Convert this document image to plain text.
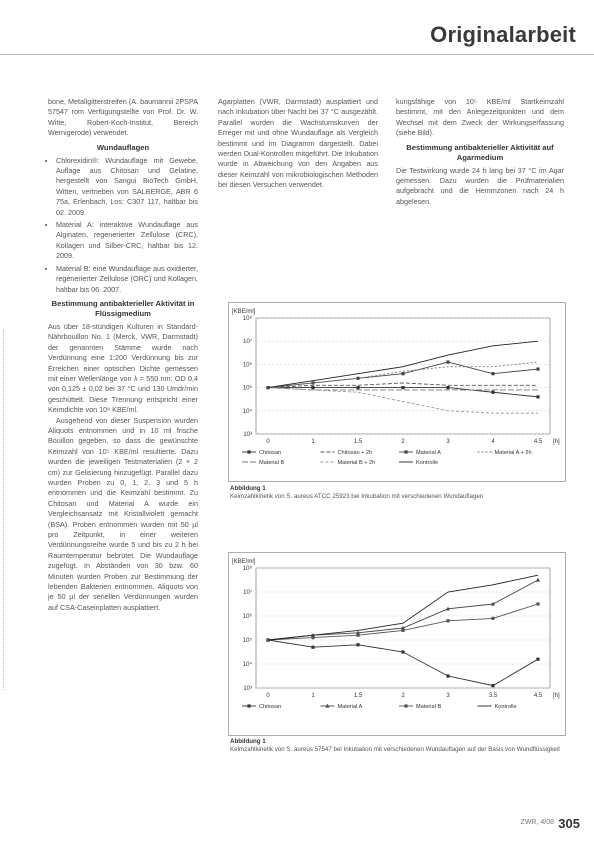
Originalarbeit

bone, Metallgitterstreifen (A. baumannii 2PSPA 57547 rom Verfügungstellte von Prof. Dr. W. Witte, Robert-Koch-Institut, Bereich Wernigerode) verwendet.

Wundauflagen
• Chlorexidin®: Wundauflage mit Gewebe, Auflage aus Chitosan und Gelatine, hergestellt von Sangui BioTech GmbH, Witten, vertrieben von SALBERGE, ABR 6 75a, Erlenbach, Los: C307 117, haltbar bis 02. 2009.
• Material A: interaktive Wundauflage aus Alginaten, regenerierter Zellulose (CRC), Kollagen und Silber-CRC, haltbar bis 12. 2009.
• Material B: eine Wundauflage aus oxidierter, regenerierter Zellulose (ORC) und Kollagen, haltbar bis 06. 2007.
Bestimmung antibakterieller Aktivität in Flüssigmedium

Aus über 18-stündigen Kulturen in Standard-Nährbouillon No. 1 (Merck, VWR, Darmstadt) der genannten Stämme wurde nach Verdünnung eine 1:200 Verdünnung bis zur Erreichen einer optischen Dichte gemessen mit einer Wellenlänge von λ = 550 nm: OD 0,4 von 0,125 ± 0,02 bei 37 °C und 130 Umdr/min geschüttelt. Diese Trennung entspricht einer Keimdichte von 10⁸ KBE/ml.

Ausgehend von dieser Suspension wurden Aliquots entnommen und in 10 ml frische Bouillon gegeben, so dass die gewünschte Keimzahl von 10⁵ KBE/ml resultierte. Dazu wurden die jeweiligen Testmaterialien (2 × 2 cm) zur Gelisierung hinzugefügt. Parallel dazu wurden Proben zu 0, 1, 2, 3 und 5 h entnommen und die Keimzahl bestimmt. Zu Chitosan und Material A wurde ein Vergleichsansatz mit Kristallviolett gemacht (BSA). Proben entnommen wurden mit 50 µl pro Zeitpunkt, in einer weiteren Verdünnungsreihe wurde 5 und bis zu 2 h bei Raumtemperatur bebrütet. Die Wundauflage zugefügt. In Abständen von 30 bzw. 60 Minuten wurden Proben zur Bestimmung der lebenden Bakterien entnommen. Aliquots von je 50 µl der seriellen Verdünnungen wurden auf CSA-Caseinplatten ausplattiert.

Agarplatten (VWR, Darmstadt) ausplattiert und nach Inkubation über Nacht bei 37 °C ausgezählt. Parallel wurden die Wachstumskurven der Erreger mit und ohne Wundauflage als Vergleich bestimmt und im Diagramm dargestellt. Dabei werden Dual-Kontrollen mitgeführt. Die Inkubation wurde in Abweichung von den Angaben aus dieser Keimzahl von mikrobiologischen Methoden bei diesen Versuchen verwendet.

kungsfähige von 10⁵ KBE/ml Startkeimzahl bestimmt, mit den Anlegezeitpunkten und dem Wechsel mit dem Zweck der Wirkungserfassung (siehe Bild).

Bestimmung antibakterieller Aktivität auf Agarmedium

Die Testwirkung wurde 24 h lang bei 37 °C im Agar gemessen. Dazu wurden die Prüfmaterialien aufgebracht und die Hemmzonen nach 24 h abgelesen.

[KBE/ml]
10⁸
10⁷
10⁶
10⁵
10⁴
10³
0	1	1.5	2	3	4	4.5 [h]
Chitosan	Chitosan + 2h	Material A	Material A + 2h
Material B	Material B + 2h	Kontrolle
Abbildung 1
Keimzahlkinetik von S. aureus ATCC 25923 bei Inkubation mit verschiedenen Wundauflagen
[KBE/ml]
10⁸
10⁷
10⁶
10⁵
10⁴
10³
0	1	1.5	2	3	3.5	4.5 [h]
Chitosan	Material A	Material B	Kontrolle
Abbildung 1
Keimzahlkinetik von S. aureus 57547 bei Inkubation mit verschiedenen Wundauflagen auf der Basis von Wundflüssigkeit
ZWR, 4/08 305
